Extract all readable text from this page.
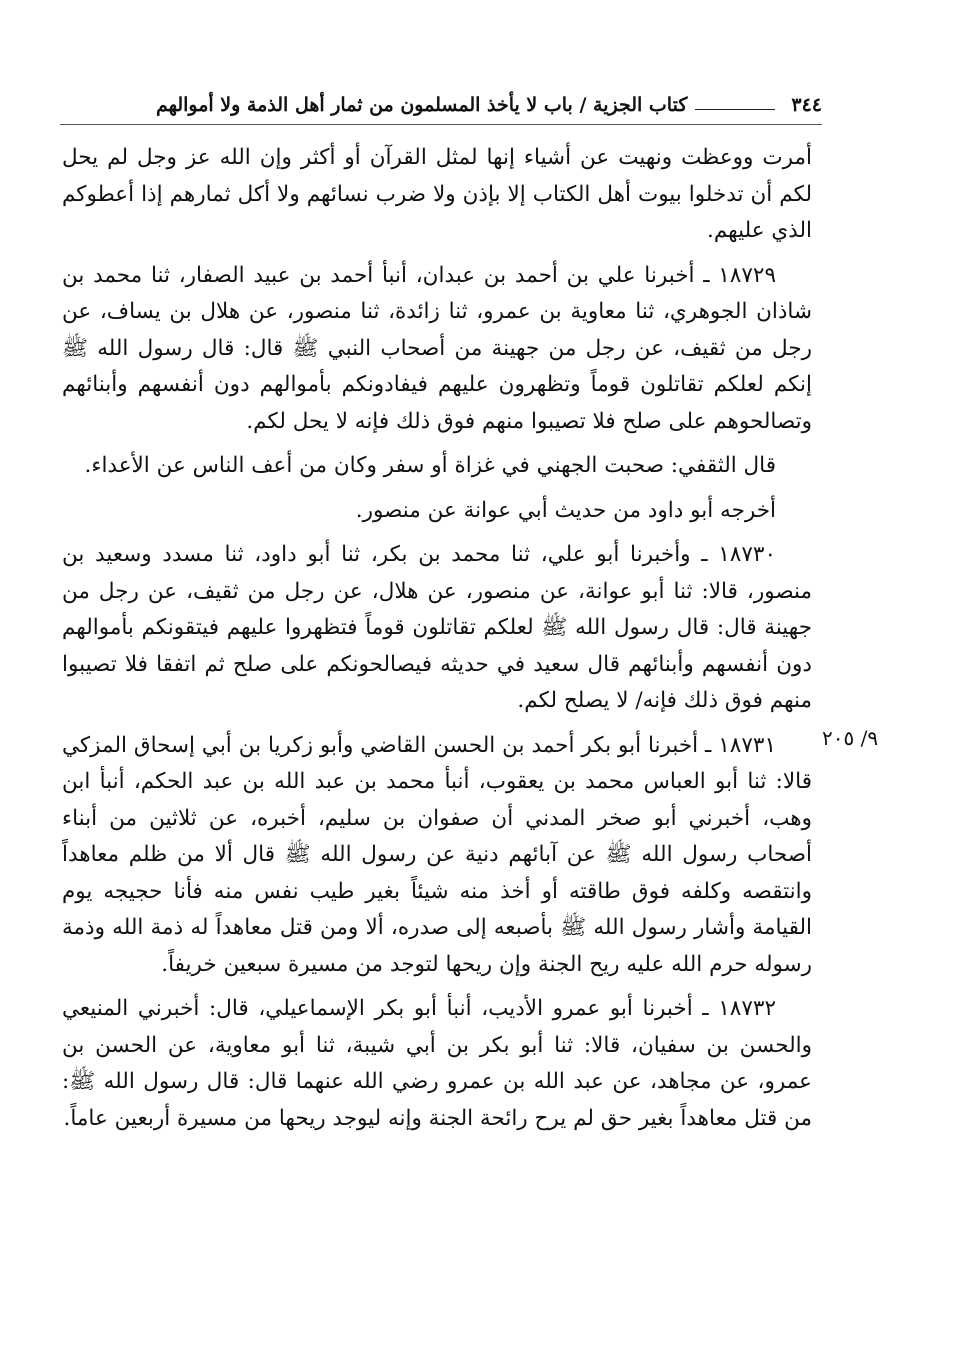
٣٤٤
كتاب الجزية / باب لا يأخذ المسلمون من ثمار أهل الذمة ولا أموالهم

أمرت ووعظت ونهيت عن أشياء إنها لمثل القرآن أو أكثر وإن الله عز وجل لم يحل لكم أن تدخلوا بيوت أهل الكتاب إلا بإذن ولا ضرب نسائهم ولا أكل ثمارهم إذا أعطوكم الذي عليهم.

١٨٧٢٩ ـ أخبرنا علي بن أحمد بن عبدان، أنبأ أحمد بن عبيد الصفار، ثنا محمد بن شاذان الجوهري، ثنا معاوية بن عمرو، ثنا زائدة، ثنا منصور، عن هلال بن يساف، عن رجل من ثقيف، عن رجل من جهينة من أصحاب النبي ﷺ قال: قال رسول الله ﷺ إنكم لعلكم تقاتلون قوماً وتظهرون عليهم فيفادونكم بأموالهم دون أنفسهم وأبنائهم وتصالحوهم على صلح فلا تصيبوا منهم فوق ذلك فإنه لا يحل لكم.

قال الثقفي: صحبت الجهني في غزاة أو سفر وكان من أعف الناس عن الأعداء.

أخرجه أبو داود من حديث أبي عوانة عن منصور.

١٨٧٣٠ ـ وأخبرنا أبو علي، ثنا محمد بن بكر، ثنا أبو داود، ثنا مسدد وسعيد بن منصور، قالا: ثنا أبو عوانة، عن منصور، عن هلال، عن رجل من ثقيف، عن رجل من جهينة قال: قال رسول الله ﷺ لعلكم تقاتلون قوماً فتظهروا عليهم فيتقونكم بأموالهم دون أنفسهم وأبنائهم قال سعيد في حديثه فيصالحونكم على صلح ثم اتفقا فلا تصيبوا منهم فوق ذلك فإنه/ لا يصلح لكم.

١٨٧٣١ ـ أخبرنا أبو بكر أحمد بن الحسن القاضي وأبو زكريا بن أبي إسحاق المزكي قالا: ثنا أبو العباس محمد بن يعقوب، أنبأ محمد بن عبد الله بن عبد الحكم، أنبأ ابن وهب، أخبرني أبو صخر المدني أن صفوان بن سليم، أخبره، عن ثلاثين من أبناء أصحاب رسول الله ﷺ عن آبائهم دنية عن رسول الله ﷺ قال ألا من ظلم معاهداً وانتقصه وكلفه فوق طاقته أو أخذ منه شيئاً بغير طيب نفس منه فأنا حجيجه يوم القيامة وأشار رسول الله ﷺ بأصبعه إلى صدره، ألا ومن قتل معاهداً له ذمة الله وذمة رسوله حرم الله عليه ريح الجنة وإن ريحها لتوجد من مسيرة سبعين خريفاً.

١٨٧٣٢ ـ أخبرنا أبو عمرو الأديب، أنبأ أبو بكر الإسماعيلي، قال: أخبرني المنيعي والحسن بن سفيان، قالا: ثنا أبو بكر بن أبي شيبة، ثنا أبو معاوية، عن الحسن بن عمرو، عن مجاهد، عن عبد الله بن عمرو رضي الله عنهما قال: قال رسول الله ﷺ: من قتل معاهداً بغير حق لم يرح رائحة الجنة وإنه ليوجد ريحها من مسيرة أربعين عاماً.

٩/ ٢٠٥
